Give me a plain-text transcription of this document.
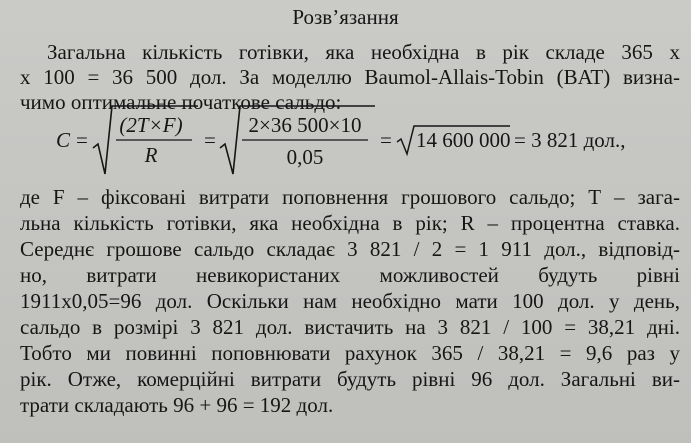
Розв’язання
Загальна кількість готівки, яка необхідна в рік складе 365 х
х 100 = 36 500 дол. За моделлю Baumol-Allais-Tobin (BAT) визна-
чимо оптимальне початкове сальдо:
C =
(2T×F)
R
=
2×36 500×10
0,05
= 14 600 000 = 3 821 дол.,
де F – фіксовані витрати поповнення грошового сальдо; Т – зага-
льна кількість готівки, яка необхідна в рік; R – процентна ставка.
Середнє грошове сальдо складає 3 821 / 2 = 1 911 дол., відповід-
но, витрати невикористаних можливостей будуть рівні
1911х0,05=96 дол. Оскільки нам необхідно мати 100 дол. у день,
сальдо в розмірі 3 821 дол. вистачить на 3 821 / 100 = 38,21 дні.
Тобто ми повинні поповнювати рахунок 365 / 38,21 = 9,6 раз у
рік. Отже, комерційні витрати будуть рівні 96 дол. Загальні ви-
трати складають 96 + 96 = 192 дол.
